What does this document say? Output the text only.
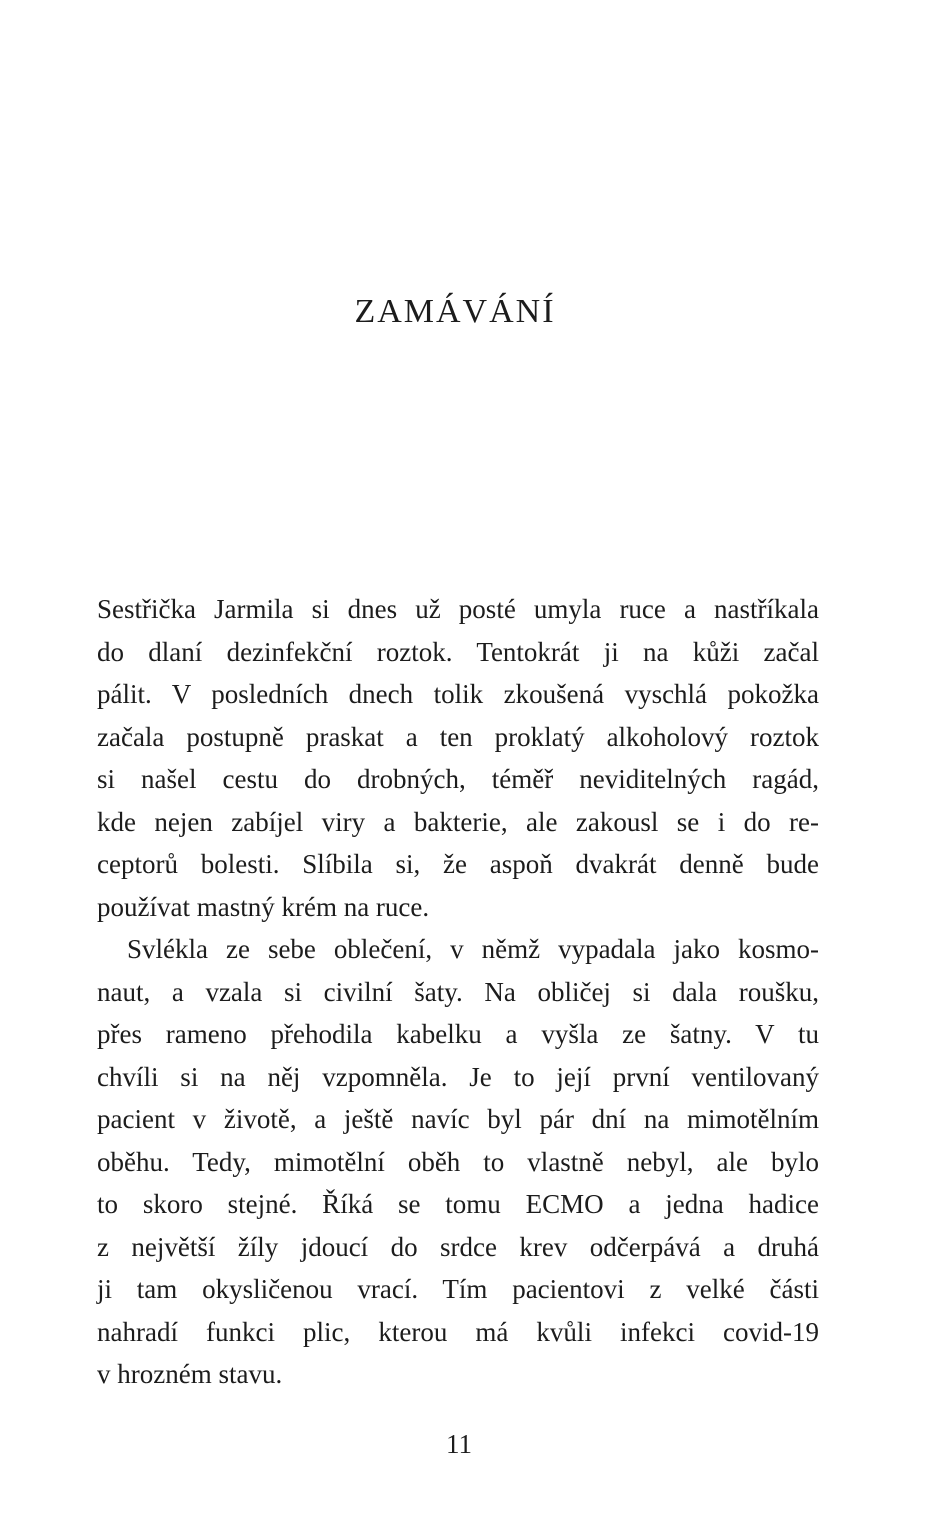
ZAMÁVÁNÍ
Sestřička Jarmila si dnes už posté umyla ruce a nastříkala
do dlaní dezinfekční roztok. Tentokrát ji na kůži začal
pálit. V posledních dnech tolik zkoušená vyschlá pokožka
začala postupně praskat a ten proklatý alkoholový roztok
si našel cestu do drobných, téměř neviditelných ragád,
kde nejen zabíjel viry a bakterie, ale zakousl se i do re-
ceptorů bolesti. Slíbila si, že aspoň dvakrát denně bude
používat mastný krém na ruce.
Svlékla ze sebe oblečení, v němž vypadala jako kosmo-
naut, a vzala si civilní šaty. Na obličej si dala roušku,
přes rameno přehodila kabelku a vyšla ze šatny. V tu
chvíli si na něj vzpomněla. Je to její první ventilovaný
pacient v životě, a ještě navíc byl pár dní na mimotělním
oběhu. Tedy, mimotělní oběh to vlastně nebyl, ale bylo
to skoro stejné. Říká se tomu ECMO a jedna hadice
z největší žíly jdoucí do srdce krev odčerpává a druhá
ji tam okysličenou vrací. Tím pacientovi z velké části
nahradí funkci plic, kterou má kvůli infekci covid-19
v hrozném stavu.
11
